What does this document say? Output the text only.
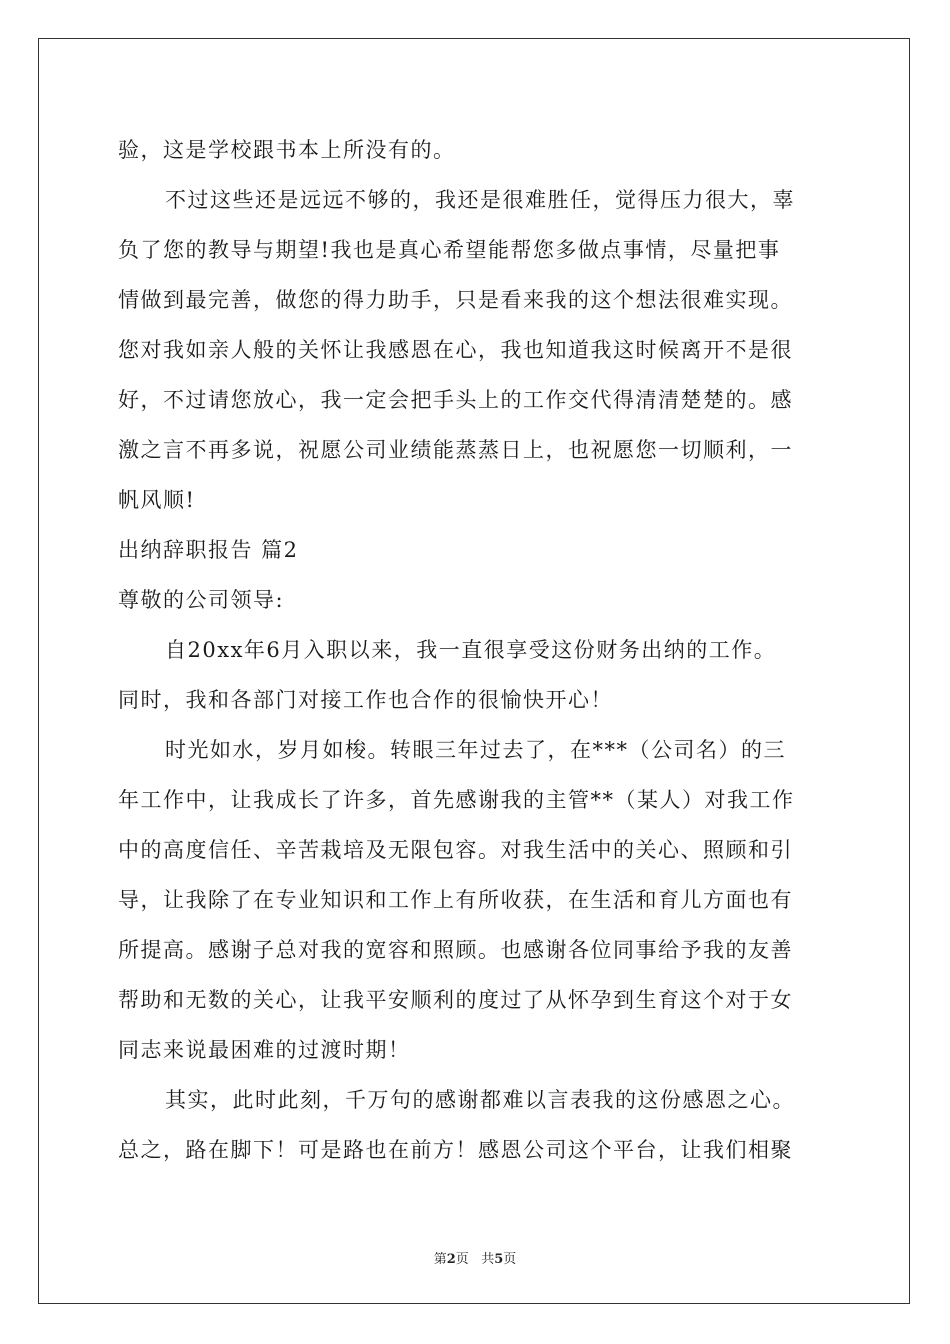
验，这是学校跟书本上所没有的。
不过这些还是远远不够的，我还是很难胜任，觉得压力很大，辜
负了您的教导与期望!我也是真心希望能帮您多做点事情，尽量把事
情做到最完善，做您的得力助手，只是看来我的这个想法很难实现。
您对我如亲人般的关怀让我感恩在心，我也知道我这时候离开不是很
好，不过请您放心，我一定会把手头上的工作交代得清清楚楚的。感
激之言不再多说，祝愿公司业绩能蒸蒸日上，也祝愿您一切顺利，一
帆风顺!
出纳辞职报告 篇2
尊敬的公司领导:
自20xx年6月入职以来，我一直很享受这份财务出纳的工作。
同时，我和各部门对接工作也合作的很愉快开心！
时光如水，岁月如梭。转眼三年过去了，在***（公司名）的三
年工作中，让我成长了许多，首先感谢我的主管**（某人）对我工作
中的高度信任、辛苦栽培及无限包容。对我生活中的关心、照顾和引
导，让我除了在专业知识和工作上有所收获，在生活和育儿方面也有
所提高。感谢子总对我的宽容和照顾。也感谢各位同事给予我的友善
帮助和无数的关心，让我平安顺利的度过了从怀孕到生育这个对于女
同志来说最困难的过渡时期！
其实，此时此刻，千万句的感谢都难以言表我的这份感恩之心。
总之，路在脚下！可是路也在前方！感恩公司这个平台，让我们相聚
第2页 共5页
